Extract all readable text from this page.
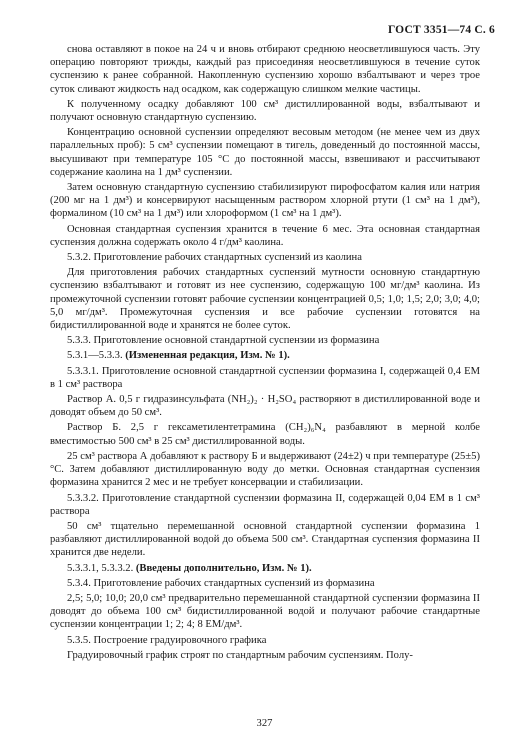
ГОСТ 3351—74 С. 6

снова оставляют в покое на 24 ч и вновь отбирают среднюю неосветлившуюся часть. Эту операцию повторяют трижды, каждый раз присоединяя неосветлившуюся в течение суток суспензию к ранее собранной. Накопленную суспензию хорошо взбалтывают и через трое суток сливают жидкость над осадком, как содержащую слишком мелкие частицы.

К полученному осадку добавляют 100 см³ дистиллированной воды, взбалтывают и получают основную стандартную суспензию.

Концентрацию основной суспензии определяют весовым методом (не менее чем из двух параллельных проб): 5 см³ суспензии помещают в тигель, доведенный до постоянной массы, высушивают при температуре 105 °С до постоянной массы, взвешивают и рассчитывают содержание каолина на 1 дм³ суспензии.

Затем основную стандартную суспензию стабилизируют пирофосфатом калия или натрия (200 мг на 1 дм³) и консервируют насыщенным раствором хлорной ртути (1 см³ на 1 дм³), формалином (10 см³ на 1 дм³) или хлороформом (1 см³ на 1 дм³).

Основная стандартная суспензия хранится в течение 6 мес. Эта основная стандартная суспензия должна содержать около 4 г/дм³ каолина.

5.3.2. Приготовление рабочих стандартных суспензий из каолина

Для приготовления рабочих стандартных суспензий мутности основную стандартную суспензию взбалтывают и готовят из нее суспензию, содержащую 100 мг/дм³ каолина. Из промежуточной суспензии готовят рабочие суспензии концентрацией 0,5; 1,0; 1,5; 2,0; 3,0; 4,0; 5,0 мг/дм³. Промежуточная суспензия и все рабочие суспензии готовятся на бидистиллированной воде и хранятся не более суток.

5.3.3. Приготовление основной стандартной суспензии из формазина

5.3.1—5.3.3. (Измененная редакция, Изм. № 1).

5.3.3.1. Приготовление основной стандартной суспензии формазина I, содержащей 0,4 ЕМ в 1 см³ раствора

Раствор А. 0,5 г гидразинсульфата (NH₂)₂ · H₂SO₄ растворяют в дистиллированной воде и доводят объем до 50 см³.

Раствор Б. 2,5 г гексаметилентетрамина (CH₂)₆N₄ разбавляют в мерной колбе вместимостью 500 см³ в 25 см³ дистиллированной воды.

25 см³ раствора А добавляют к раствору Б и выдерживают (24±2) ч при температуре (25±5) °С. Затем добавляют дистиллированную воду до метки. Основная стандартная суспензия формазина хранится 2 мес и не требует консервации и стабилизации.

5.3.3.2. Приготовление стандартной суспензии формазина II, содержащей 0,04 ЕМ в 1 см³ раствора

50 см³ тщательно перемешанной основной стандартной суспензии формазина 1 разбавляют дистиллированной водой до объема 500 см³. Стандартная суспензия формазина II хранится две недели.

5.3.3.1, 5.3.3.2. (Введены дополнительно, Изм. № 1).

5.3.4. Приготовление рабочих стандартных суспензий из формазина

2,5; 5,0; 10,0; 20,0 см³ предварительно перемешанной стандартной суспензии формазина II доводят до объема 100 см³ бидистиллированной водой и получают рабочие стандартные суспензии концентрации 1; 2; 4; 8 ЕМ/дм³.

5.3.5. Построение градуировочного графика

Градуировочный график строят по стандартным рабочим суспензиям. Полу-

327
